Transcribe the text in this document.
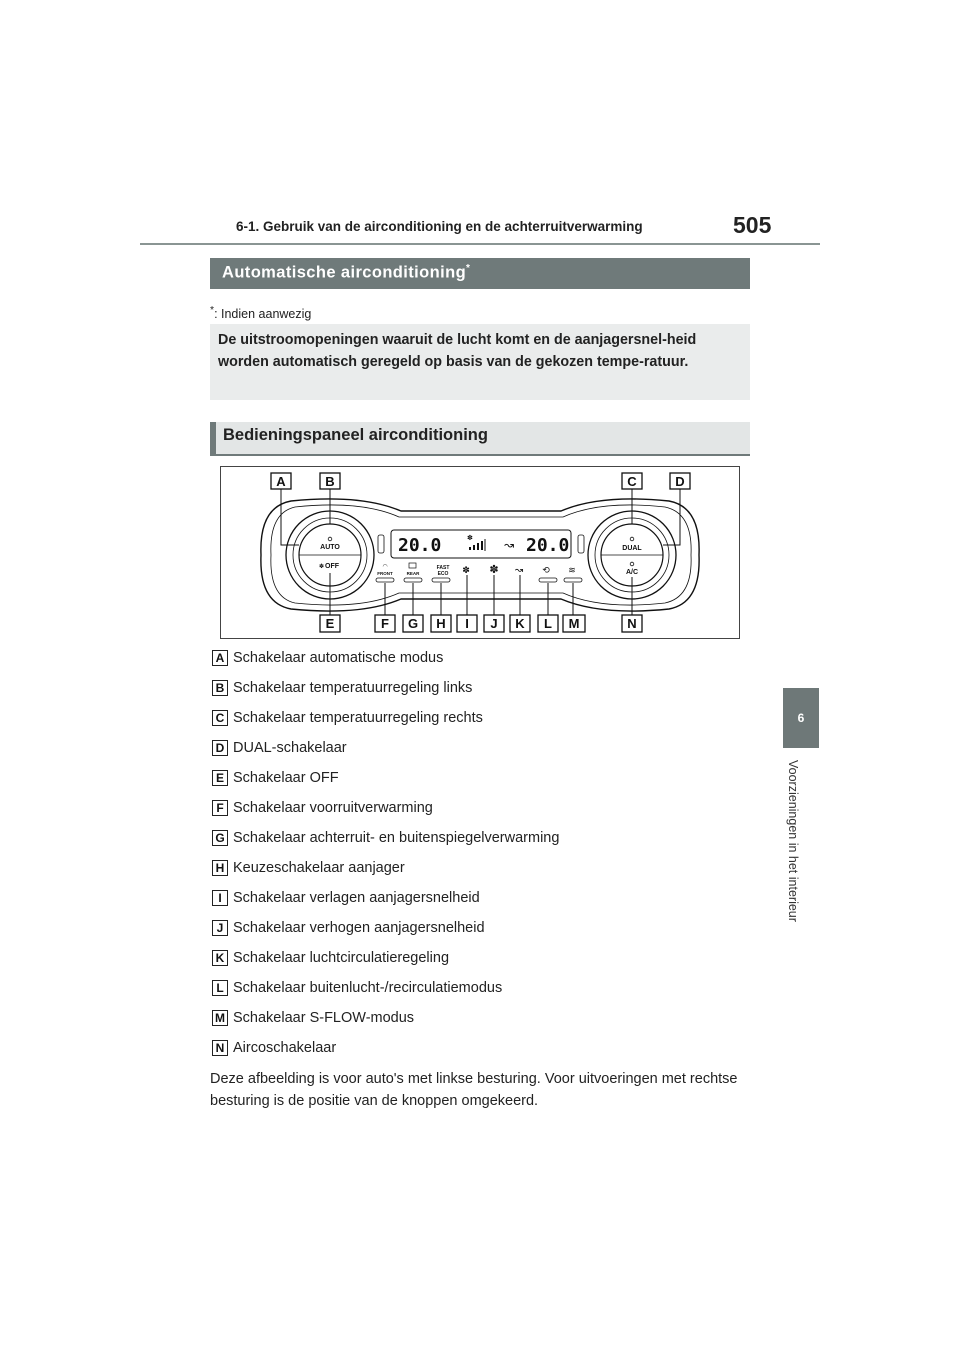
6-1. Gebruik van de airconditioning en de achterruitverwarming	505
6
Voorzieningen in het interieur
Automatische airconditioning*
*: Indien aanwezig

De uitstroomopeningen waaruit de lucht komt en de aanjagersnel-heid worden automatisch geregeld op basis van de gekozen tempe-ratuur.

Bedieningspaneel airconditioning
AUTO
OFF
✽
DUAL
A/C
20.0	20.0
✽	↝
◠
FRONT	REAR
FAST
ECO ✽ ✽ ↝ ⟲ ≋
A	B	C	D
E	F G H I J K L M	N
A Schakelaar automatische modus
B Schakelaar temperatuurregeling links
C Schakelaar temperatuurregeling rechts
D DUAL-schakelaar
E Schakelaar OFF
F Schakelaar voorruitverwarming
G Schakelaar achterruit- en buitenspiegelverwarming
H Keuzeschakelaar aanjager
I Schakelaar verlagen aanjagersnelheid
J Schakelaar verhogen aanjagersnelheid
K Schakelaar luchtcirculatieregeling
L Schakelaar buitenlucht-/recirculatiemodus
M Schakelaar S-FLOW-modus
N Aircoschakelaar

Deze afbeelding is voor auto's met linkse besturing. Voor uitvoeringen met rechtse besturing is de positie van de knoppen omgekeerd.
